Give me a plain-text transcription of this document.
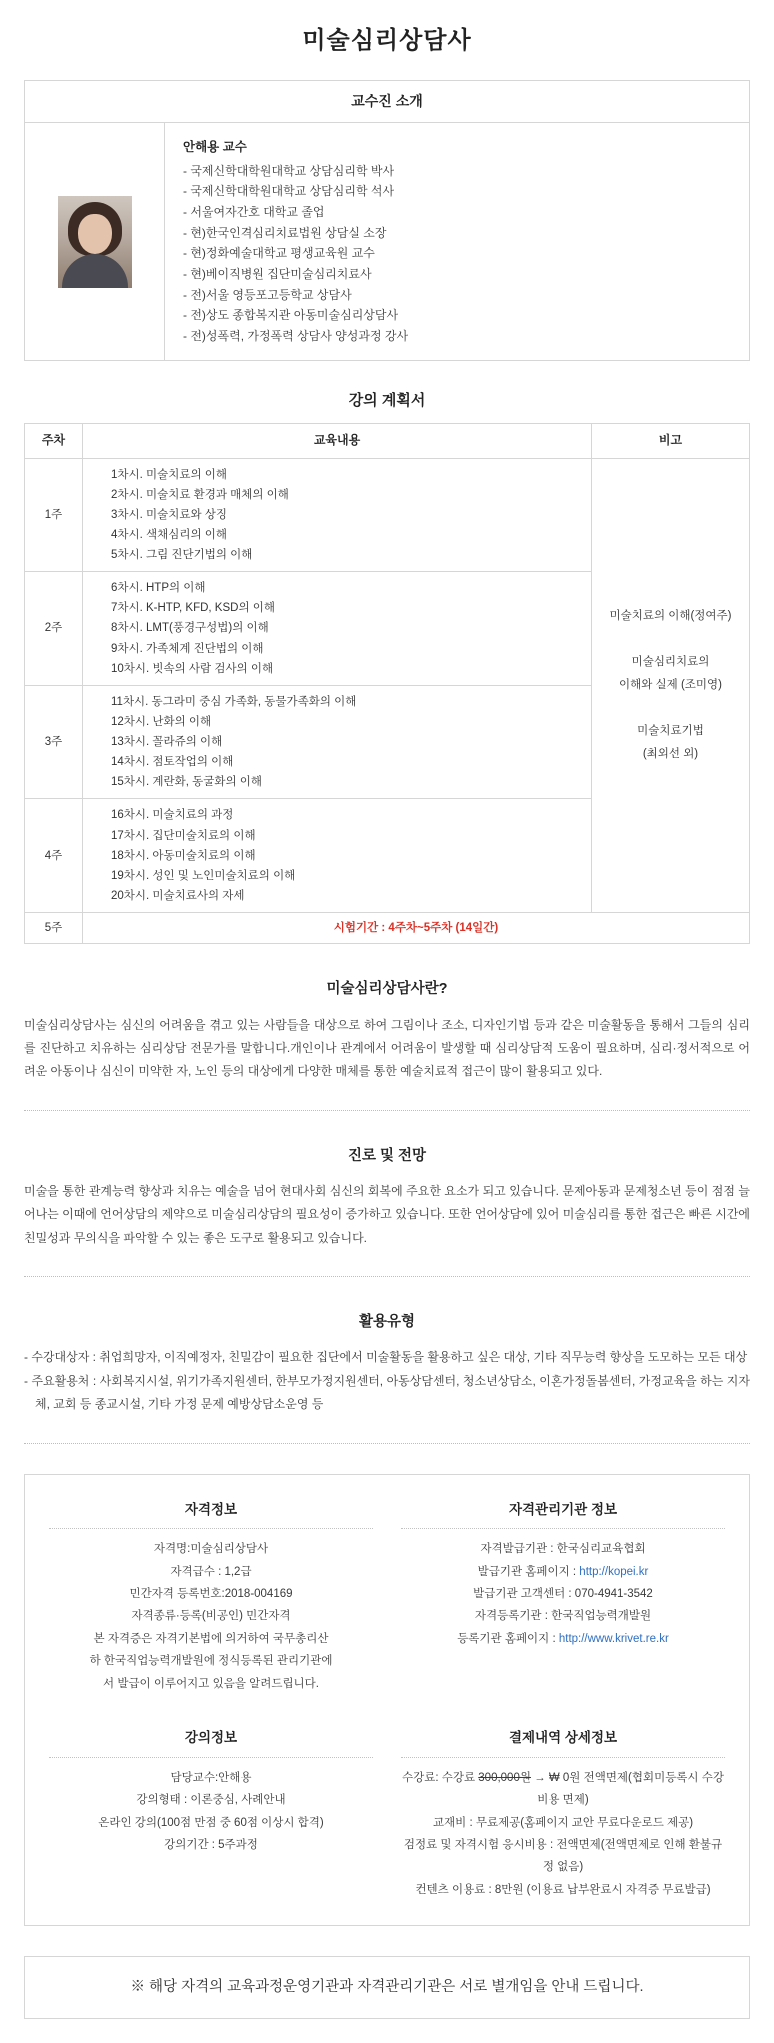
미술심리상담사
교수진 소개
안해용 교수
- 국제신학대학원대학교 상담심리학 박사
- 국제신학대학원대학교 상담심리학 석사
- 서울여자간호 대학교 졸업
- 현)한국인격심리치료법원 상담실 소장
- 현)정화예술대학교 평생교육원 교수
- 현)베이직병원 집단미술심리치료사
- 전)서울 영등포고등학교 상담사
- 전)상도 종합복지관 아동미술심리상담사
- 전)성폭력, 가정폭력 상담사 양성과정 강사
강의 계획서
주차	교육내용	비고
1주	
1차시. 미술치료의 이해
2차시. 미술치료 환경과 매체의 이해
3차시. 미술치료와 상징
4차시. 색채심리의 이해
5차시. 그림 진단기법의 이해

미술치료의 이해(정여주)

미술심리치료의
이해와 실제 (조미영)

미술치료기법
(최외선 외)

2주	
6차시. HTP의 이해
7차시. K-HTP, KFD, KSD의 이해
8차시. LMT(풍경구성법)의 이해
9차시. 가족체계 진단법의 이해
10차시. 빗속의 사람 검사의 이해

3주	
11차시. 동그라미 중심 가족화, 동물가족화의 이해
12차시. 난화의 이해
13차시. 꼴라쥬의 이해
14차시. 점토작업의 이해
15차시. 계란화, 동굴화의 이해

4주	
16차시. 미술치료의 과정
17차시. 집단미술치료의 이해
18차시. 아동미술치료의 이해
19차시. 성인 및 노인미술치료의 이해
20차시. 미술치료사의 자세

5주	시험기간 : 4주차~5주차 (14일간)	
미술심리상담사란?

미술심리상담사는 심신의 어려움을 겪고 있는 사람들을 대상으로 하여 그림이나 조소, 디자인기법 등과 같은 미술활동을 통해서 그들의 심리를 진단하고 치유하는 심리상담 전문가를 말합니다.개인이나 관계에서 어려움이 발생할 때 심리상담적 도움이 필요하며, 심리·정서적으로 어려운 아동이나 심신이 미약한 자, 노인 등의 대상에게 다양한 매체를 통한 예술치료적 접근이 많이 활용되고 있다.

진로 및 전망

미술을 통한 관계능력 향상과 치유는 예술을 넘어 현대사회 심신의 회복에 주요한 요소가 되고 있습니다. 문제아동과 문제청소년 등이 점점 늘어나는 이때에 언어상담의 제약으로 미술심리상담의 필요성이 증가하고 있습니다. 또한 언어상담에 있어 미술심리를 통한 접근은 빠른 시간에 친밀성과 무의식을 파악할 수 있는 좋은 도구로 활용되고 있습니다.

활용유형
- 수강대상자 : 취업희망자, 이직예정자, 친밀감이 필요한 집단에서 미술활동을 활용하고 싶은 대상, 기타 직무능력 향상을 도모하는 모든 대상
- 주요활용처 : 사회복지시설, 위기가족지원센터, 한부모가정지원센터, 아동상담센터, 청소년상담소, 이혼가정돌봄센터, 가정교육을 하는 지자체, 교회 등 종교시설, 기타 가정 문제 예방상담소운영 등
자격정보

자격명:미술심리상담사

자격급수 : 1,2급

민간자격 등록번호:2018-004169

자격종류·등록(비공인) 민간자격

본 자격증은 자격기본법에 의거하여 국무총리산

하 한국직업능력개발원에 정식등록된 관리기관에

서 발급이 이루어지고 있음을 알려드립니다.

자격관리기관 정보

자격발급기관 : 한국심리교육협회

발급기관 홈페이지 : http://kopei.kr

발급기관 고객센터 : 070-4941-3542

자격등록기관 : 한국직업능력개발원

등록기관 홈페이지 : http://www.krivet.re.kr

강의정보

담당교수:안해용

강의형태 : 이론중심, 사례안내

온라인 강의(100점 만점 중 60점 이상시 합격)

강의기간 : 5주과정

결제내역 상세정보

수강료: 수강료 300,000원 → ₩ 0원 전액면제(협회미등록시 수강비용 면제)

교재비 : 무료제공(홈페이지 교안 무료다운로드 제공)

검정료 및 자격시험 응시비용 : 전액면제(전액면제로 인해 환불규정 없음)

컨텐츠 이용료 : 8만원 (이용료 납부완료시 자격증 무료발급)

※ 해당 자격의 교육과정운영기관과 자격관리기관은 서로 별개임을 안내 드립니다.
